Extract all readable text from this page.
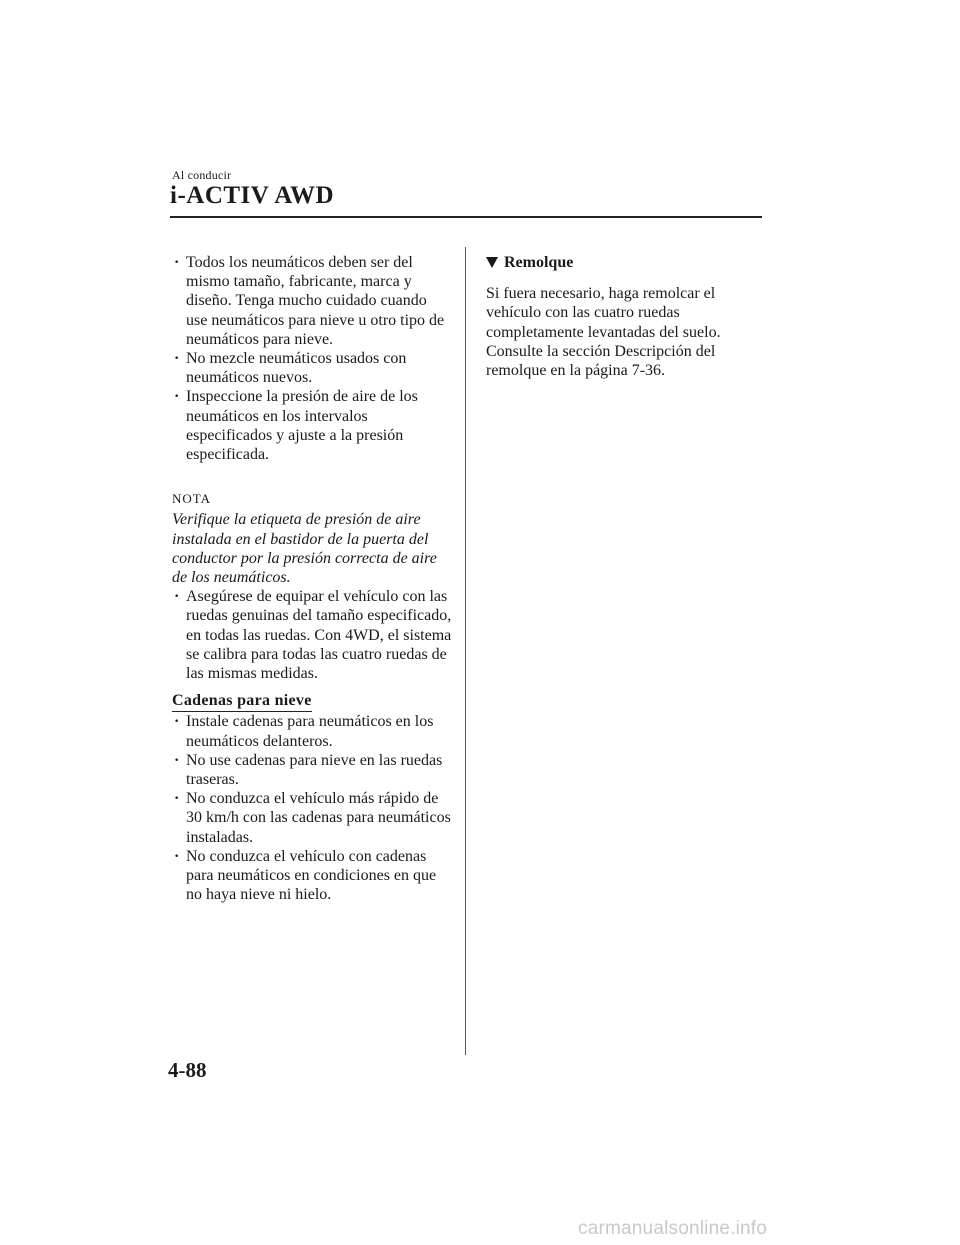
Al conducir
i-ACTIV AWD
· Todos los neumáticos deben ser del mismo tamaño, fabricante, marca y diseño. Tenga mucho cuidado cuando use neumáticos para nieve u otro tipo de neumáticos para nieve.
· No mezcle neumáticos usados con neumáticos nuevos.
· Inspeccione la presión de aire de los neumáticos en los intervalos especificados y ajuste a la presión especificada.
NOTA
Verifique la etiqueta de presión de aire instalada en el bastidor de la puerta del conductor por la presión correcta de aire de los neumáticos.
· Asegúrese de equipar el vehículo con las ruedas genuinas del tamaño especificado, en todas las ruedas. Con 4WD, el sistema se calibra para todas las cuatro ruedas de las mismas medidas.
Cadenas para nieve
· Instale cadenas para neumáticos en los neumáticos delanteros.
· No use cadenas para nieve en las ruedas traseras.
· No conduzca el vehículo más rápido de 30 km/h con las cadenas para neumáticos instaladas.
· No conduzca el vehículo con cadenas para neumáticos en condiciones en que no haya nieve ni hielo.
Remolque
Si fuera necesario, haga remolcar el vehículo con las cuatro ruedas completamente levantadas del suelo. Consulte la sección Descripción del remolque en la página 7-36.
4-88
carmanualsonline.info
